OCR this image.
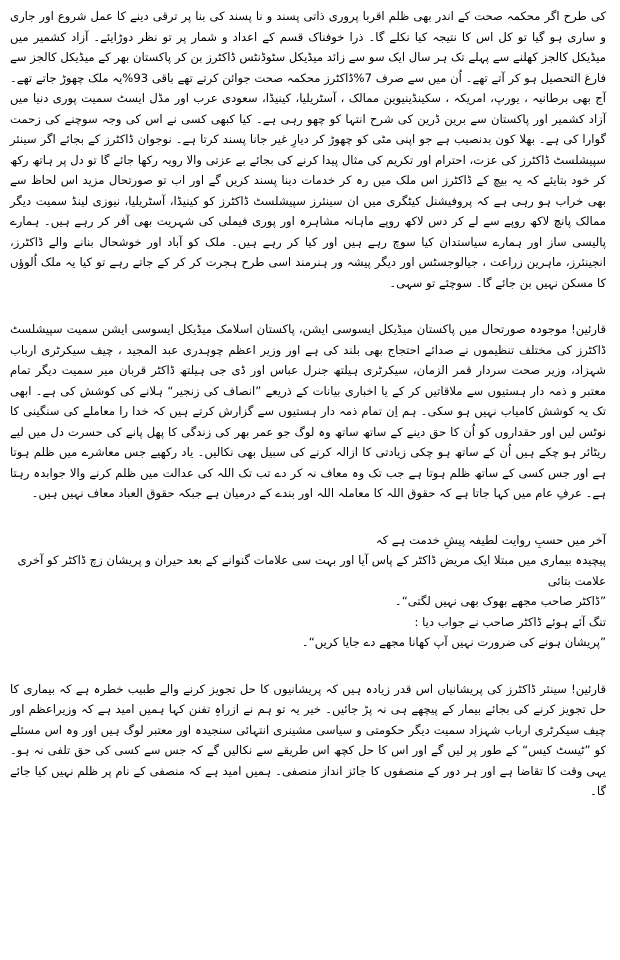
کی طرح اگر محکمہ صحت کے اندر بھی ظلم اقربا پروری ذاتی پسند و نا پسند کی بنا پر ترقی دینے کا عمل شروع اور جاری و ساری ہو گیا تو کل اس کا نتیجہ کیا نکلے گا۔ ذرا خوفناک قسم کے اعداد و شمار پر تو نظر دوڑایئے۔ آزاد کشمیر میں میڈیکل کالجز کھلنے سے پہلے تک ہر سال ایک سو سے زائد میڈیکل سٹوڈنٹس ڈاکٹرز بن کر پاکستان بھر کے میڈیکل کالجز سے فارغ التحصیل ہو کر آتے تھے۔ اُن میں سے صرف 7%ڈاکٹرز محکمہ صحت جوائن کرتے تھے باقی 93%یہ ملک چھوڑ جاتے تھے۔ آج بھی برطانیہ ، یورپ، امریکہ ، سکینڈینیوین ممالک ، آسٹریلیا، کینیڈا، سعودی عرب اور مڈل ایسٹ سمیت پوری دنیا میں آزاد کشمیر اور پاکستان سے برین ڈرین کی شرح انتہا کو چھو رہی ہے۔ کیا کبھی کسی نے اس کی وجہ سوچنے کی زحمت گوارا کی ہے۔ بھلا کون بدنصیب ہے جو اپنی مٹی کو چھوڑ کر دیارِ غیر جانا پسند کرتا ہے۔ نوجوان ڈاکٹرز کے بجائے اگر سینئر سپیشلسٹ ڈاکٹرز کی عزت، احترام اور تکریم کی مثال پیدا کرنے کی بجائے بے عزتی والا رویہ رکھا جائے گا تو دل پر ہاتھ رکھ کر خود بتایئے کہ یہ بیچ کے ڈاکٹرز اس ملک میں رہ کر خدمات دینا پسند کریں گے اور اب تو صورتحال مزید اس لحاظ سے بھی خراب ہو رہی ہے کہ پروفیشنل کیٹگری میں ان سینئرز سپیشلسٹ ڈاکٹرز کو کینیڈا، آسٹریلیا، نیوزی لینڈ سمیت دیگر ممالک پانچ لاکھ روپے سے لے کر دس لاکھ روپے ماہانہ مشاہرہ اور پوری فیملی کی شہریت بھی آفر کر رہے ہیں۔ ہمارے پالیسی ساز اور ہمارے سیاستدان کیا سوچ رہے ہیں اور کیا کر رہے ہیں۔ ملک کو آباد اور خوشحال بنانے والے ڈاکٹرز، انجینئرز، ماہرین زراعت ، جیالوجسٹس اور دیگر پیشہ ور ہنرمند اسی طرح ہجرت کر کر کے جاتے رہے تو کیا یہ ملک اُلوؤں کا مسکن نہیں بن جائے گا۔ سوچئے تو سہی۔

قارئین! موجودہ صورتحال میں پاکستان میڈیکل ایسوسی ایشن، پاکستان اسلامک میڈیکل ایسوسی ایشن سمیت سپیشلسٹ ڈاکٹرز کی مختلف تنظیموں نے صدائے احتجاج بھی بلند کی ہے اور وزیر اعظم چوہدری عبد المجید ، چیف سیکرٹری ارباب شہزاد، وزیر صحت سردار قمر الزمان، سیکرٹری ہیلتھ جنرل عباس اور ڈی جی ہیلتھ ڈاکٹر قربان میر سمیت دیگر تمام معتبر و ذمہ دار ہستیوں سے ملاقاتیں کر کے یا اخباری بیانات کے ذریعے ”انصاف کی زنجیر“ ہلانے کی کوشش کی ہے۔ ابھی تک یہ کوشش کامیاب نہیں ہو سکی۔ ہم اِن تمام ذمہ دار ہستیوں سے گزارش کرتے ہیں کہ خدا را معاملے کی سنگینی کا نوٹس لیں اور حقداروں کو اُن کا حق دینے کے ساتھ ساتھ وہ لوگ جو عمر بھر کی زندگی کا پھل پانے کی حسرت دل میں لیے ریٹائر ہو چکے ہیں اُن کے ساتھ ہو چکی زیادتی کا ازالہ کرنے کی سبیل بھی نکالیں۔ یاد رکھیے جس معاشرے میں ظلم ہوتا ہے اور جس کسی کے ساتھ ظلم ہوتا ہے جب تک وہ معاف نہ کر دے تب تک اللہ کی عدالت میں ظلم کرنے والا جوابدہ رہتا ہے۔ عرفِ عام میں کہا جاتا ہے کہ حقوق اللہ کا معاملہ اللہ اور بندے کے درمیان ہے جبکہ حقوق العباد معاف نہیں ہیں۔

آخر میں حسبِ روایت لطیفہ پیشِ خدمت ہے کہ
پیچیدہ بیماری میں مبتلا ایک مریض ڈاکٹر کے پاس آیا اور بہت سی علامات گنوانے کے بعد حیران و پریشان زچ ڈاکٹر کو آخری علامت بتائی
”ڈاکٹر صاحب مجھے بھوک بھی نہیں لگتی“۔
تنگ آئے ہوئے ڈاکٹر صاحب نے جواب دیا :
”پریشان ہونے کی ضرورت نہیں آپ کھانا مجھے دے جایا کریں“۔

قارئین! سینئر ڈاکٹرز کی پریشانیاں اس قدر زیادہ ہیں کہ پریشانیوں کا حل تجویز کرنے والے طبیب خطرہ ہے کہ بیماری کا حل تجویز کرنے کی بجائے بیمار کے پیچھے ہی نہ پڑ جائیں۔ خیر یہ تو ہم نے ازراہِ تفنن کہا ہمیں امید ہے کہ وزیراعظم اور چیف سیکرٹری ارباب شہزاد سمیت دیگر حکومتی و سیاسی مشینری انتہائی سنجیدہ اور معتبر لوگ ہیں اور وہ اس مسئلے کو ”ٹیسٹ کیس“ کے طور پر لیں گے اور اس کا حل کچھ اس طریقے سے نکالیں گے کہ جس سے کسی کی حق تلفی نہ ہو۔ یہی وقت کا تقاضا ہے اور ہر دور کے منصفوں کا جائز انداز منصفی۔ ہمیں امید ہے کہ منصفی کے نام پر ظلم نہیں کیا جائے گا۔
